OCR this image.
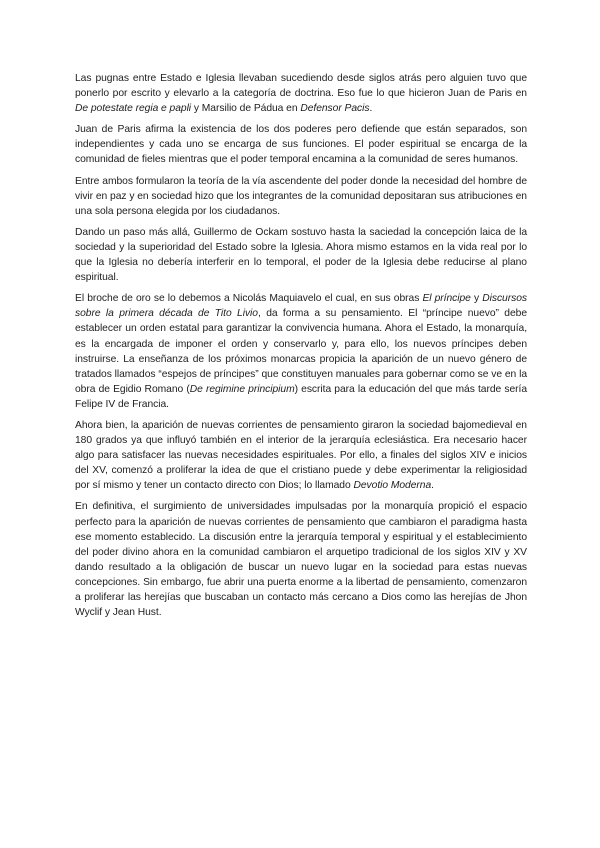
Las pugnas entre Estado e Iglesia llevaban sucediendo desde siglos atrás pero alguien tuvo que ponerlo por escrito y elevarlo a la categoría de doctrina. Eso fue lo que hicieron Juan de Paris en De potestate regia e papli y Marsilio de Pádua en Defensor Pacis.

Juan de Paris afirma la existencia de los dos poderes pero defiende que están separados, son independientes y cada uno se encarga de sus funciones. El poder espiritual se encarga de la comunidad de fieles mientras que el poder temporal encamina a la comunidad de seres humanos.

Entre ambos formularon la teoría de la vía ascendente del poder donde la necesidad del hombre de vivir en paz y en sociedad hizo que los integrantes de la comunidad depositaran sus atribuciones en una sola persona elegida por los ciudadanos.

Dando un paso más allá, Guillermo de Ockam sostuvo hasta la saciedad la concepción laica de la sociedad y la superioridad del Estado sobre la Iglesia. Ahora mismo estamos en la vida real por lo que la Iglesia no debería interferir en lo temporal, el poder de la Iglesia debe reducirse al plano espiritual.

El broche de oro se lo debemos a Nicolás Maquiavelo el cual, en sus obras El príncipe y Discursos sobre la primera década de Tito Livio, da forma a su pensamiento. El “príncipe nuevo” debe establecer un orden estatal para garantizar la convivencia humana. Ahora el Estado, la monarquía, es la encargada de imponer el orden y conservarlo y, para ello, los nuevos príncipes deben instruirse. La enseñanza de los próximos monarcas propicia la aparición de un nuevo género de tratados llamados “espejos de príncipes” que constituyen manuales para gobernar como se ve en la obra de Egidio Romano (De regimine principium) escrita para la educación del que más tarde sería Felipe IV de Francia.

Ahora bien, la aparición de nuevas corrientes de pensamiento giraron la sociedad bajomedieval en 180 grados ya que influyó también en el interior de la jerarquía eclesiástica. Era necesario hacer algo para satisfacer las nuevas necesidades espirituales. Por ello, a finales del siglos XIV e inicios del XV, comenzó a proliferar la idea de que el cristiano puede y debe experimentar la religiosidad por sí mismo y tener un contacto directo con Dios; lo llamado Devotio Moderna.

En definitiva, el surgimiento de universidades impulsadas por la monarquía propició el espacio perfecto para la aparición de nuevas corrientes de pensamiento que cambiaron el paradigma hasta ese momento establecido. La discusión entre la jerarquía temporal y espiritual y el establecimiento del poder divino ahora en la comunidad cambiaron el arquetipo tradicional de los siglos XIV y XV dando resultado a la obligación de buscar un nuevo lugar en la sociedad para estas nuevas concepciones. Sin embargo, fue abrir una puerta enorme a la libertad de pensamiento, comenzaron a proliferar las herejías que buscaban un contacto más cercano a Dios como las herejías de Jhon Wyclif y Jean Hust.
